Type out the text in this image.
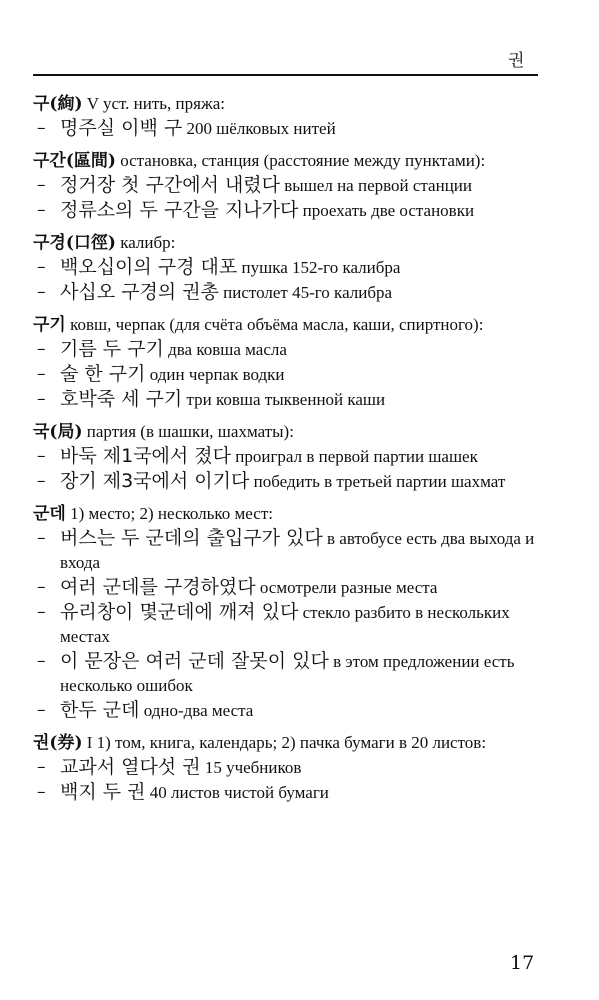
권
구(絢) V уст. нить, пряжа:
– 명주실 이백 구 200 шёлковых нитей
구간(區間) остановка, станция (расстояние между пунктами):
– 정거장 첫 구간에서 내렸다 вышел на первой станции
– 정류소의 두 구간을 지나가다 проехать две остановки
구경(口徑) калибр:
– 백오십이의 구경 대포 пушка 152-го калибра
– 사십오 구경의 권총 пистолет 45-го калибра
구기 ковш, черпак (для счёта объёма масла, каши, спиртного):
– 기름 두 구기 два ковша масла
– 술 한 구기 один черпак водки
– 호박죽 세 구기 три ковша тыквенной каши
국(局) партия (в шашки, шахматы):
– 바둑 제1국에서 졌다 проиграл в первой партии шашек
– 장기 제3국에서 이기다 победить в третьей партии шахмат
군데 1) место; 2) несколько мест:
– 버스는 두 군데의 출입구가 있다 в автобусе есть два выхода и входа
– 여러 군데를 구경하였다 осмотрели разные места
– 유리창이 몇군데에 깨져 있다 стекло разбито в нескольких местах
– 이 문장은 여러 군데 잘못이 있다 в этом предложении есть несколько ошибок
– 한두 군데 одно-два места
권(券) I 1) том, книга, календарь; 2) пачка бумаги в 20 листов:
– 교과서 열다섯 권 15 учебников
– 백지 두 권 40 листов чистой бумаги
17
